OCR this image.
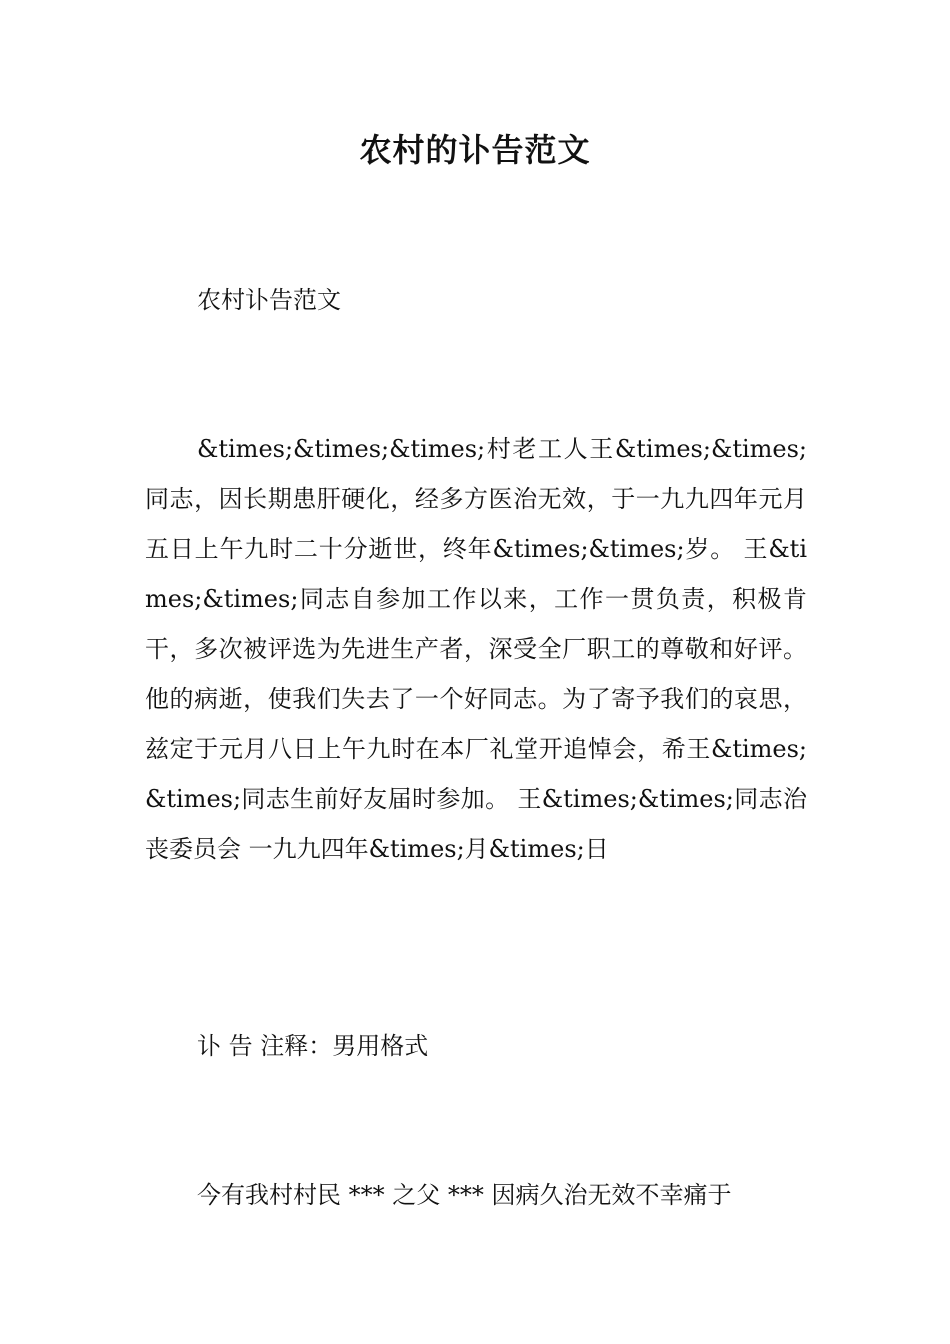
农村的讣告范文

农村讣告范文

&times;&times;&times;村老工人王&times;&times;同志，因长期患肝硬化，经多方医治无效，于一九九四年元月五日上午九时二十分逝世，终年&times;&times;岁。 王&times;&times;同志自参加工作以来，工作一贯负责，积极肯干，多次被评选为先进生产者，深受全厂职工的尊敬和好评。他的病逝，使我们失去了一个好同志。为了寄予我们的哀思，兹定于元月八日上午九时在本厂礼堂开追悼会，希王&times;&times;同志生前好友届时参加。 王&times;&times;同志治丧委员会 一九九四年&times;月&times;日

讣 告 注释：男用格式

今有我村村民 *** 之父 *** 因病久治无效不幸痛于
